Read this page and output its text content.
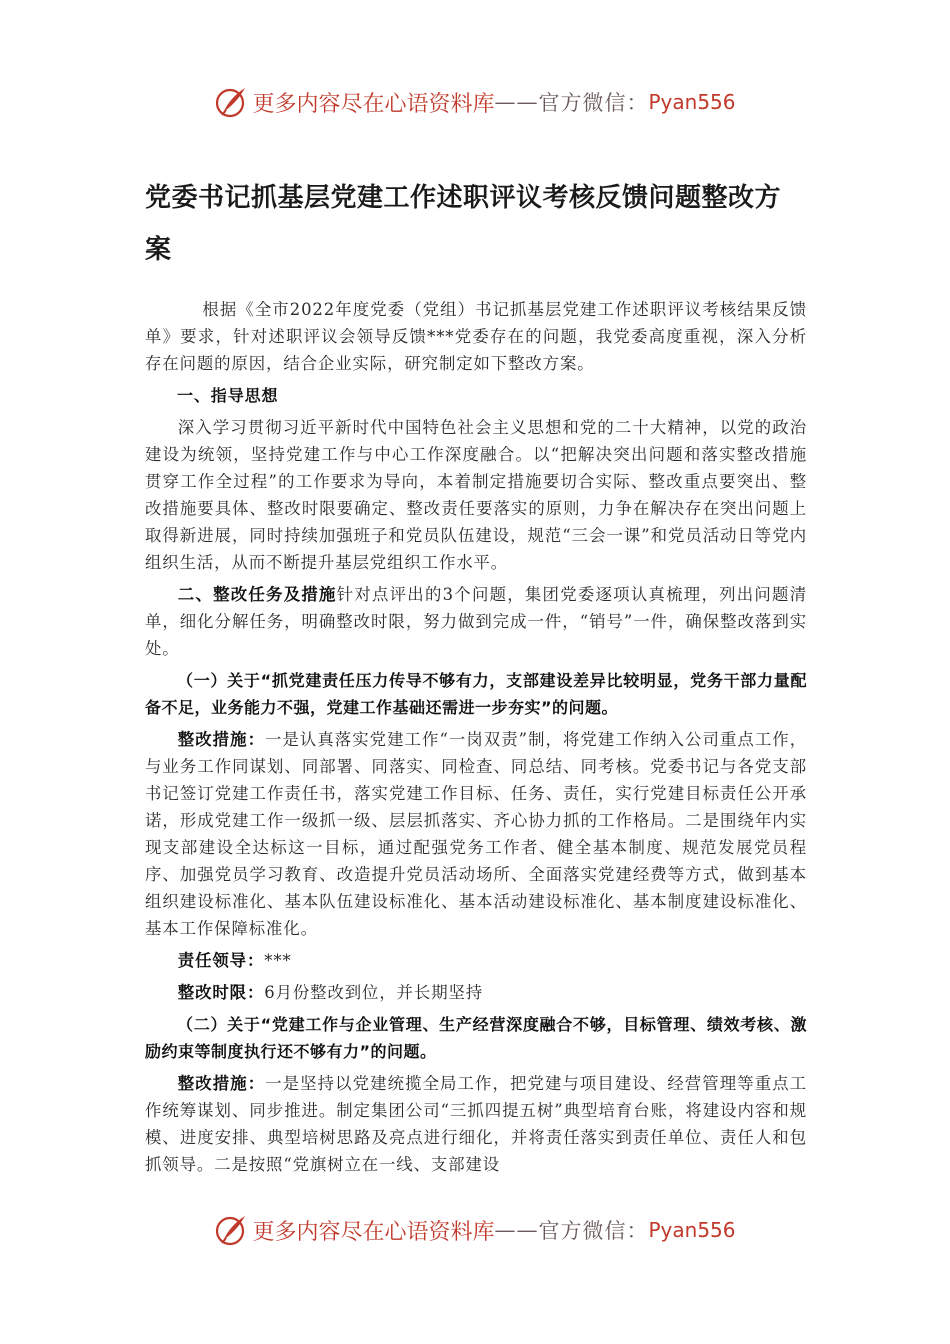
更多内容尽在心语资料库 —— 官方微信： Pyan556
党委书记抓基层党建工作述职评议考核反馈问题整改方案

根据《全市2022年度党委（党组）书记抓基层党建工作述职评议考核结果反馈单》要求，针对述职评议会领导反馈***党委存在的问题，我党委高度重视，深入分析存在问题的原因，结合企业实际，研究制定如下整改方案。

一、指导思想

深入学习贯彻习近平新时代中国特色社会主义思想和党的二十大精神，以党的政治建设为统领，坚持党建工作与中心工作深度融合。以“把解决突出问题和落实整改措施贯穿工作全过程”的工作要求为导向，本着制定措施要切合实际、整改重点要突出、整改措施要具体、整改时限要确定、整改责任要落实的原则，力争在解决存在突出问题上取得新进展，同时持续加强班子和党员队伍建设，规范“三会一课”和党员活动日等党内组织生活，从而不断提升基层党组织工作水平。

二、整改任务及措施针对点评出的3个问题，集团党委逐项认真梳理，列出问题清单，细化分解任务，明确整改时限，努力做到完成一件，“销号”一件，确保整改落到实处。

（一）关于“抓党建责任压力传导不够有力，支部建设差异比较明显，党务干部力量配备不足，业务能力不强，党建工作基础还需进一步夯实”的问题。

整改措施：一是认真落实党建工作“一岗双责”制，将党建工作纳入公司重点工作，与业务工作同谋划、同部署、同落实、同检查、同总结、同考核。党委书记与各党支部书记签订党建工作责任书，落实党建工作目标、任务、责任，实行党建目标责任公开承诺，形成党建工作一级抓一级、层层抓落实、齐心协力抓的工作格局。二是围绕年内实现支部建设全达标这一目标，通过配强党务工作者、健全基本制度、规范发展党员程序、加强党员学习教育、改造提升党员活动场所、全面落实党建经费等方式，做到基本组织建设标准化、基本队伍建设标准化、基本活动建设标准化、基本制度建设标准化、基本工作保障标准化。

责任领导：***

整改时限：6月份整改到位，并长期坚持

（二）关于“党建工作与企业管理、生产经营深度融合不够，目标管理、绩效考核、激励约束等制度执行还不够有力”的问题。

整改措施：一是坚持以党建统揽全局工作，把党建与项目建设、经营管理等重点工作统筹谋划、同步推进。制定集团公司“三抓四提五树”典型培育台账，将建设内容和规模、进度安排、典型培树思路及亮点进行细化，并将责任落实到责任单位、责任人和包抓领导。二是按照“党旗树立在一线、支部建设

更多内容尽在心语资料库 —— 官方微信： Pyan556
